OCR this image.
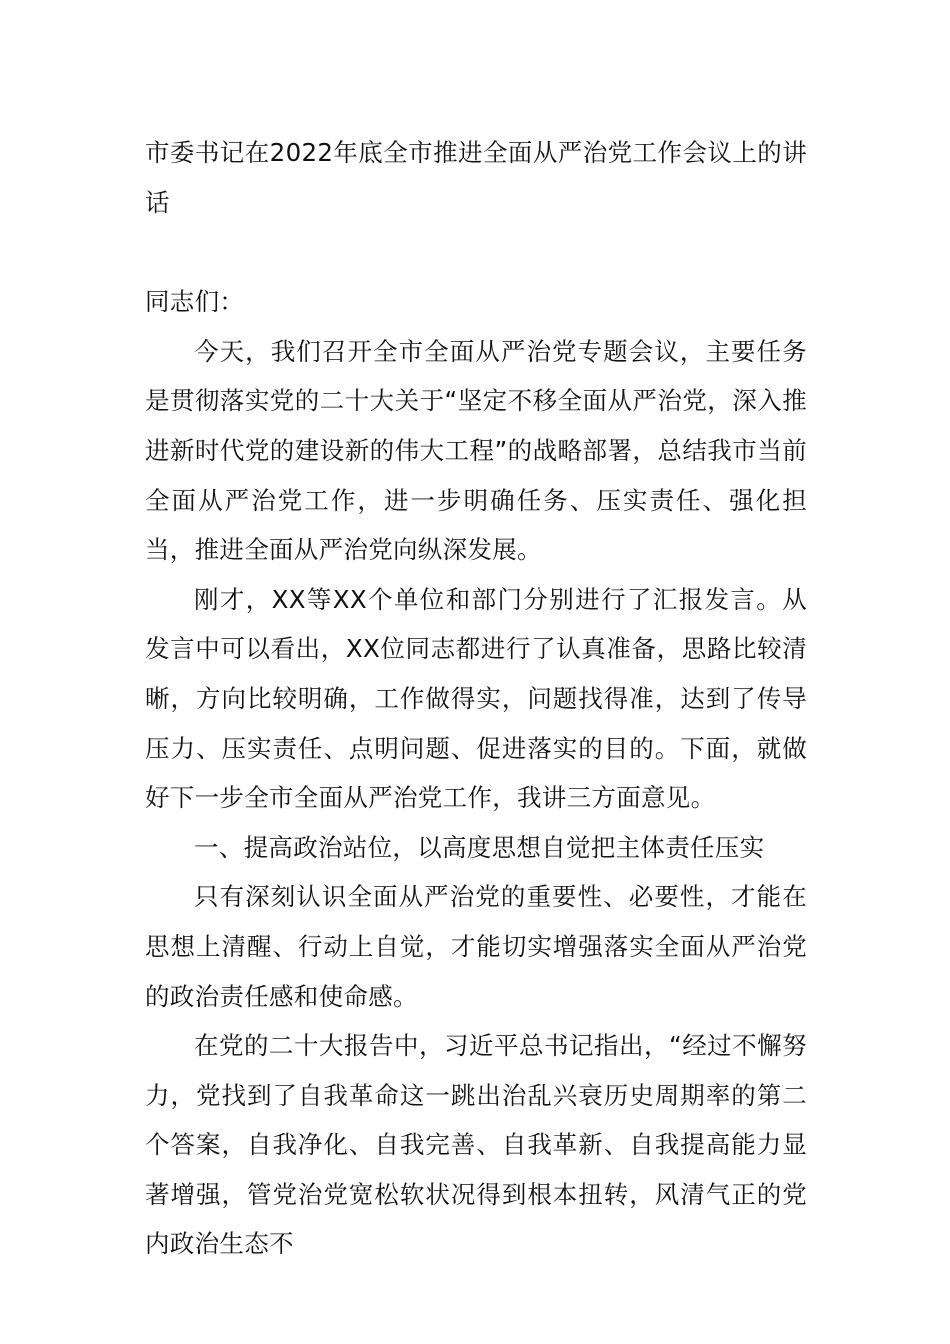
市委书记在2022年底全市推进全面从严治党工作会议上的讲话

同志们：

今天，我们召开全市全面从严治党专题会议，主要任务是贯彻落实党的二十大关于“坚定不移全面从严治党，深入推进新时代党的建设新的伟大工程”的战略部署，总结我市当前全面从严治党工作，进一步明确任务、压实责任、强化担当，推进全面从严治党向纵深发展。

刚才，XX等XX个单位和部门分别进行了汇报发言。从发言中可以看出，XX位同志都进行了认真准备，思路比较清晰，方向比较明确，工作做得实，问题找得准，达到了传导压力、压实责任、点明问题、促进落实的目的。下面，就做好下一步全市全面从严治党工作，我讲三方面意见。

一、提高政治站位，以高度思想自觉把主体责任压实

只有深刻认识全面从严治党的重要性、必要性，才能在思想上清醒、行动上自觉，才能切实增强落实全面从严治党的政治责任感和使命感。

在党的二十大报告中，习近平总书记指出，“经过不懈努力，党找到了自我革命这一跳出治乱兴衰历史周期率的第二个答案，自我净化、自我完善、自我革新、自我提高能力显著增强，管党治党宽松软状况得到根本扭转，风清气正的党内政治生态不
